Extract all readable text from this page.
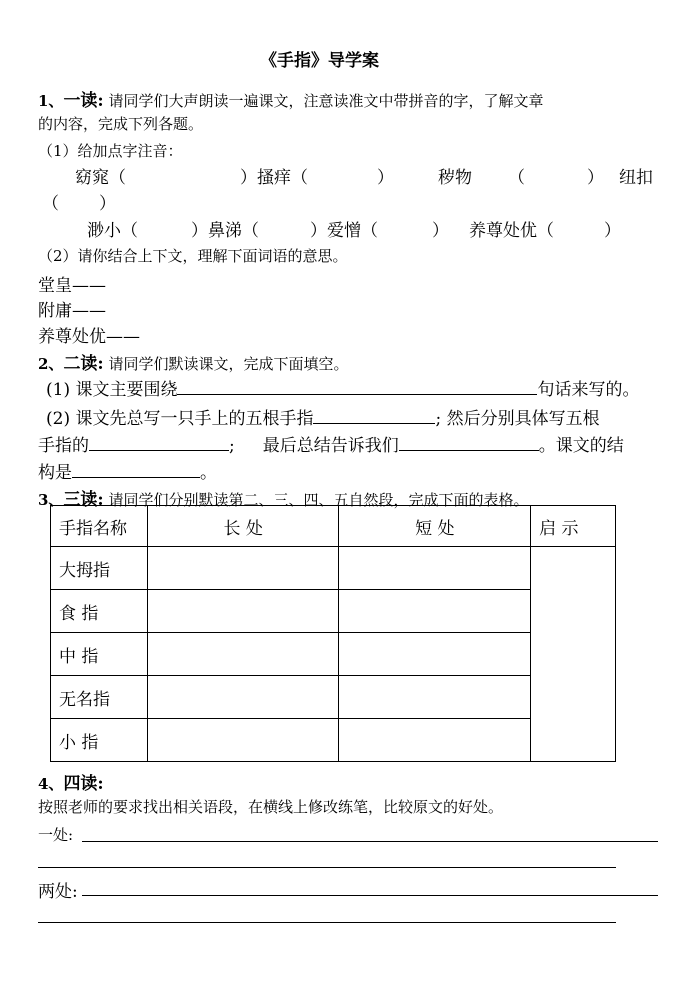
《手指》导学案
1、一读: 请同学们大声朗读一遍课文，注意读准文中带拼音的字，了解文章
的内容，完成下列各题。
（1）给加点字注音：
窈窕（	）搔痒（	）	秽物 （	） 纽扣
（ ）
渺小（	）鼻涕（	）爱憎（	） 养尊处优（	）
（2）请你结合上下文，理解下面词语的意思。
堂皇——
附庸——
养尊处优——
2、二读: 请同学们默读课文，完成下面填空。
(1) 课文主要围绕	句话来写的。
(2) 课文先总写一只手上的五根手指	; 然后分别具体写五根
手指的	; 最后总结告诉我们	。课文的结
构是	。
3、三读: 请同学们分别默读第二、三、四、五自然段，完成下面的表格。
手指名称	长 处	短 处	启 示
大拇指			
食 指			
中 指			
无名指			
小 指			
4、四读:
按照老师的要求找出相关语段，在横线上修改练笔，比较原文的好处。
一处:
两处:
